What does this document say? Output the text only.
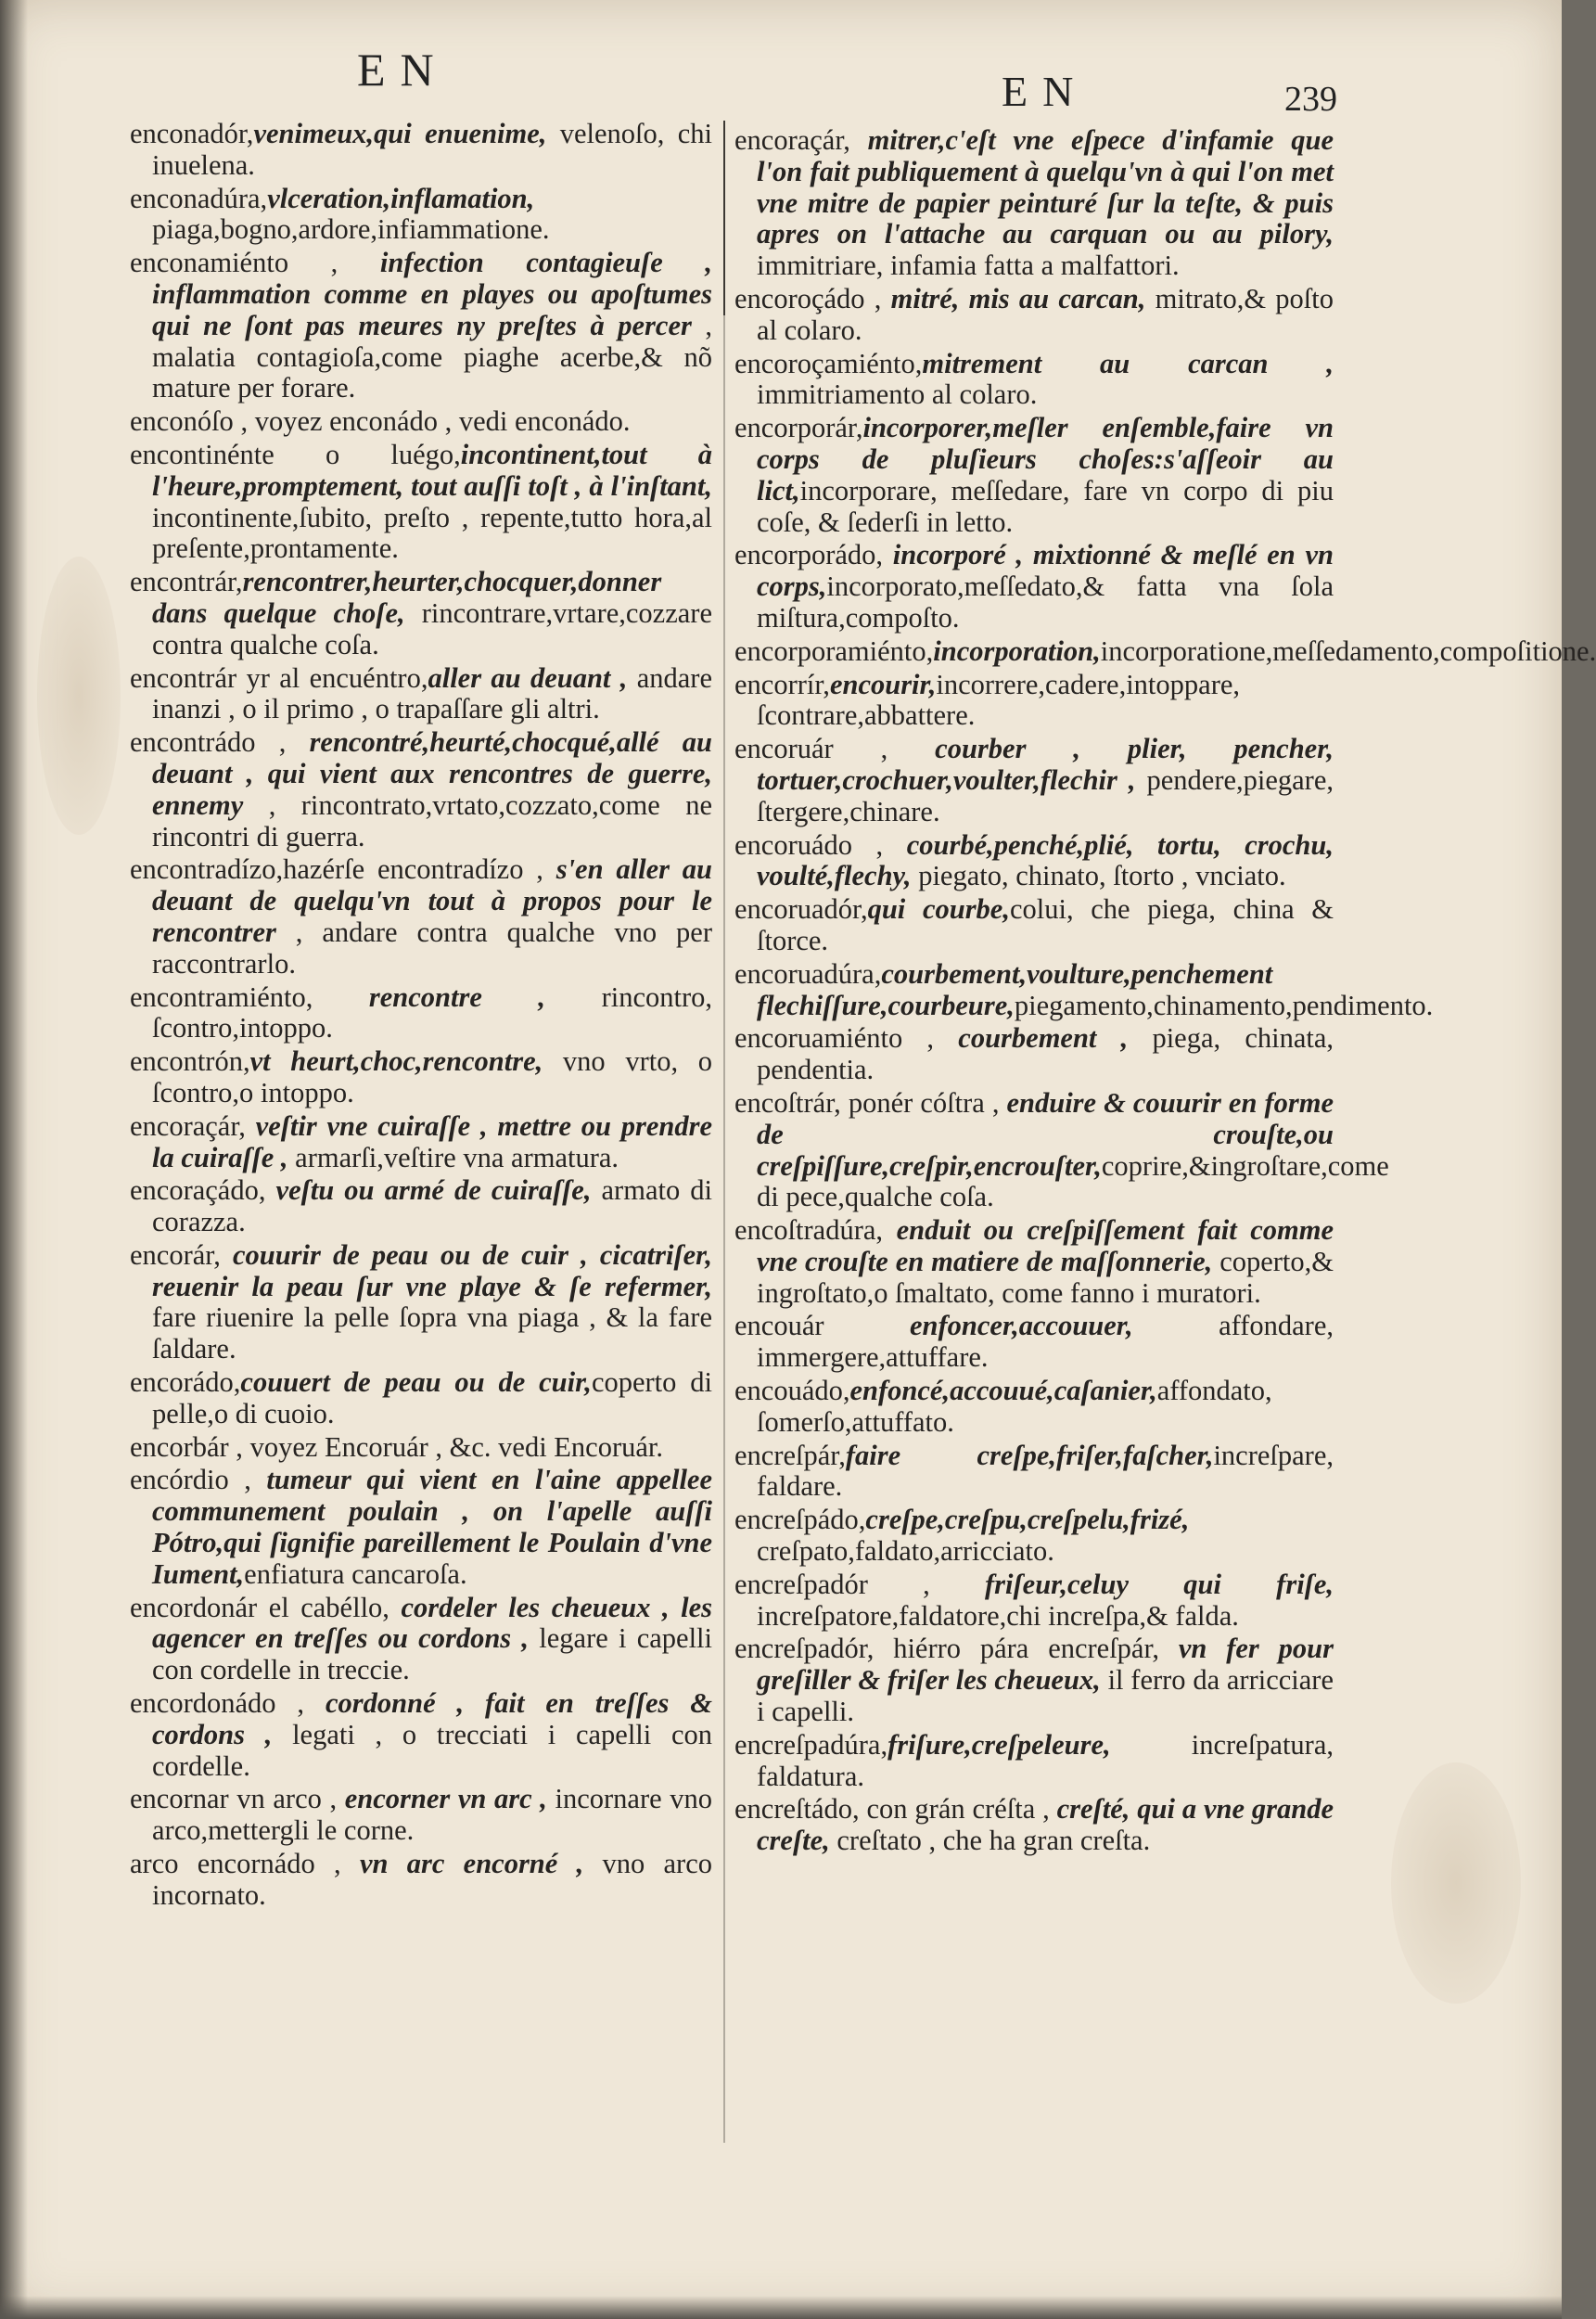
EN	EN	239
enconadór,venimeux,qui enuenime, velenoſo, chi inuelena.
enconadúra,vlceration,inflamation, piaga,bogno,ardore,infiammatione.
enconamiénto , infection contagieuſe , inflammation comme en playes ou apoſtumes qui ne ſont pas meures ny preſtes à percer , malatia contagioſa,come piaghe acerbe,& nõ mature per forare.
enconóſo , voyez enconádo , vedi enconádo.
encontinénte o luégo,incontinent,tout à l'heure,promptement, tout auſſi toſt , à l'inſtant, incontinente,ſubito, preſto , repente,tutto hora,al preſente,prontamente.
encontrár,rencontrer,heurter,chocquer,donner dans quelque choſe, rincontrare,vrtare,cozzare contra qualche coſa.
encontrár yr al encuéntro,aller au deuant , andare inanzi , o il primo , o trapaſſare gli altri.
encontrádo , rencontré,heurté,chocqué,allé au deuant , qui vient aux rencontres de guerre, ennemy , rincontrato,vrtato,cozzato,come ne rincontri di guerra.
encontradízo,hazérſe encontradízo , s'en aller au deuant de quelqu'vn tout à propos pour le rencontrer , andare contra qualche vno per raccontrarlo.
encontramiénto, rencontre , rincontro, ſcontro,intoppo.
encontrón,vt heurt,choc,rencontre, vno vrto, o ſcontro,o intoppo.
encoraçár, veſtir vne cuiraſſe , mettre ou prendre la cuiraſſe , armarſi,veſtire vna armatura.
encoraçádo, veſtu ou armé de cuiraſſe, armato di corazza.
encorár, couurir de peau ou de cuir , cicatriſer, reuenir la peau ſur vne playe & ſe refermer, fare riuenire la pelle ſopra vna piaga , & la fare ſaldare.
encorádo,couuert de peau ou de cuir,coperto di pelle,o di cuoio.
encorbár , voyez Encoruár , &c. vedi Encoruár.
encórdio , tumeur qui vient en l'aine appellee communement poulain , on l'apelle auſſi Pótro,qui ſignifie pareillement le Poulain d'vne Iument,enfiatura cancaroſa.
encordonár el cabéllo, cordeler les cheueux , les agencer en treſſes ou cordons , legare i capelli con cordelle in treccie.
encordonádo , cordonné , fait en treſſes & cordons , legati , o trecciati i capelli con cordelle.
encornar vn arco , encorner vn arc , incornare vno arco,mettergli le corne.
arco encornádo , vn arc encorné , vno arco incornato.
encoraçár, mitrer,c'eſt vne eſpece d'infamie que l'on fait publiquement à quelqu'vn à qui l'on met vne mitre de papier peinturé ſur la teſte, & puis apres on l'attache au carquan ou au pilory, immitriare, infamia fatta a malfattori.
encoroçádo , mitré, mis au carcan, mitrato,& poſto al colaro.
encoroçamiénto,mitrement au carcan , immitriamento al colaro.
encorporár,incorporer,meſler enſemble,faire vn corps de pluſieurs choſes:s'aſſeoir au lict,incorporare, meſſedare, fare vn corpo di piu coſe, & ſederſi in letto.
encorporádo, incorporé , mixtionné & meſlé en vn corps,incorporato,meſſedato,& fatta vna ſola miſtura,compoſto.
encorporamiénto,incorporation,incorporatione,meſſedamento,compoſitione.
encorrír,encourir,incorrere,cadere,intoppare, ſcontrare,abbattere.
encoruár , courber , plier, pencher, tortuer,crochuer,voulter,flechir , pendere,piegare, ſtergere,chinare.
encoruádo , courbé,penché,plié, tortu, crochu, voulté,flechy, piegato, chinato, ſtorto , vnciato.
encoruadór,qui courbe,colui, che piega, china & ſtorce.
encoruadúra,courbement,voulture,penchement flechiſſure,courbeure,piegamento,chinamento,pendimento.
encoruamiénto , courbement , piega, chinata, pendentia.
encoſtrár, ponér cóſtra , enduire & couurir en forme de crouſte,ou creſpiſſure,creſpir,encrouſter,coprire,&ingroſtare,come di pece,qualche coſa.
encoſtradúra, enduit ou creſpiſſement fait comme vne crouſte en matiere de maſſonnerie, coperto,& ingroſtato,o ſmaltato, come fanno i muratori.
encouár enfoncer,accouuer, affondare, immergere,attuffare.
encouádo,enfoncé,accouué,caſanier,affondato, ſomerſo,attuffato.
encreſpár,faire creſpe,friſer,faſcher,increſpare, faldare.
encreſpádo,creſpe,creſpu,creſpelu,frizé, creſpato,faldato,arricciato.
encreſpadór , friſeur,celuy qui friſe, increſpatore,faldatore,chi increſpa,& falda.
encreſpadór, hiérro pára encreſpár, vn fer pour greſiller & friſer les cheueux, il ferro da arricciare i capelli.
encreſpadúra,friſure,creſpeleure, increſpatura, faldatura.
encreſtádo, con grán créſta , creſté, qui a vne grande creſte, creſtato , che ha gran creſta.
